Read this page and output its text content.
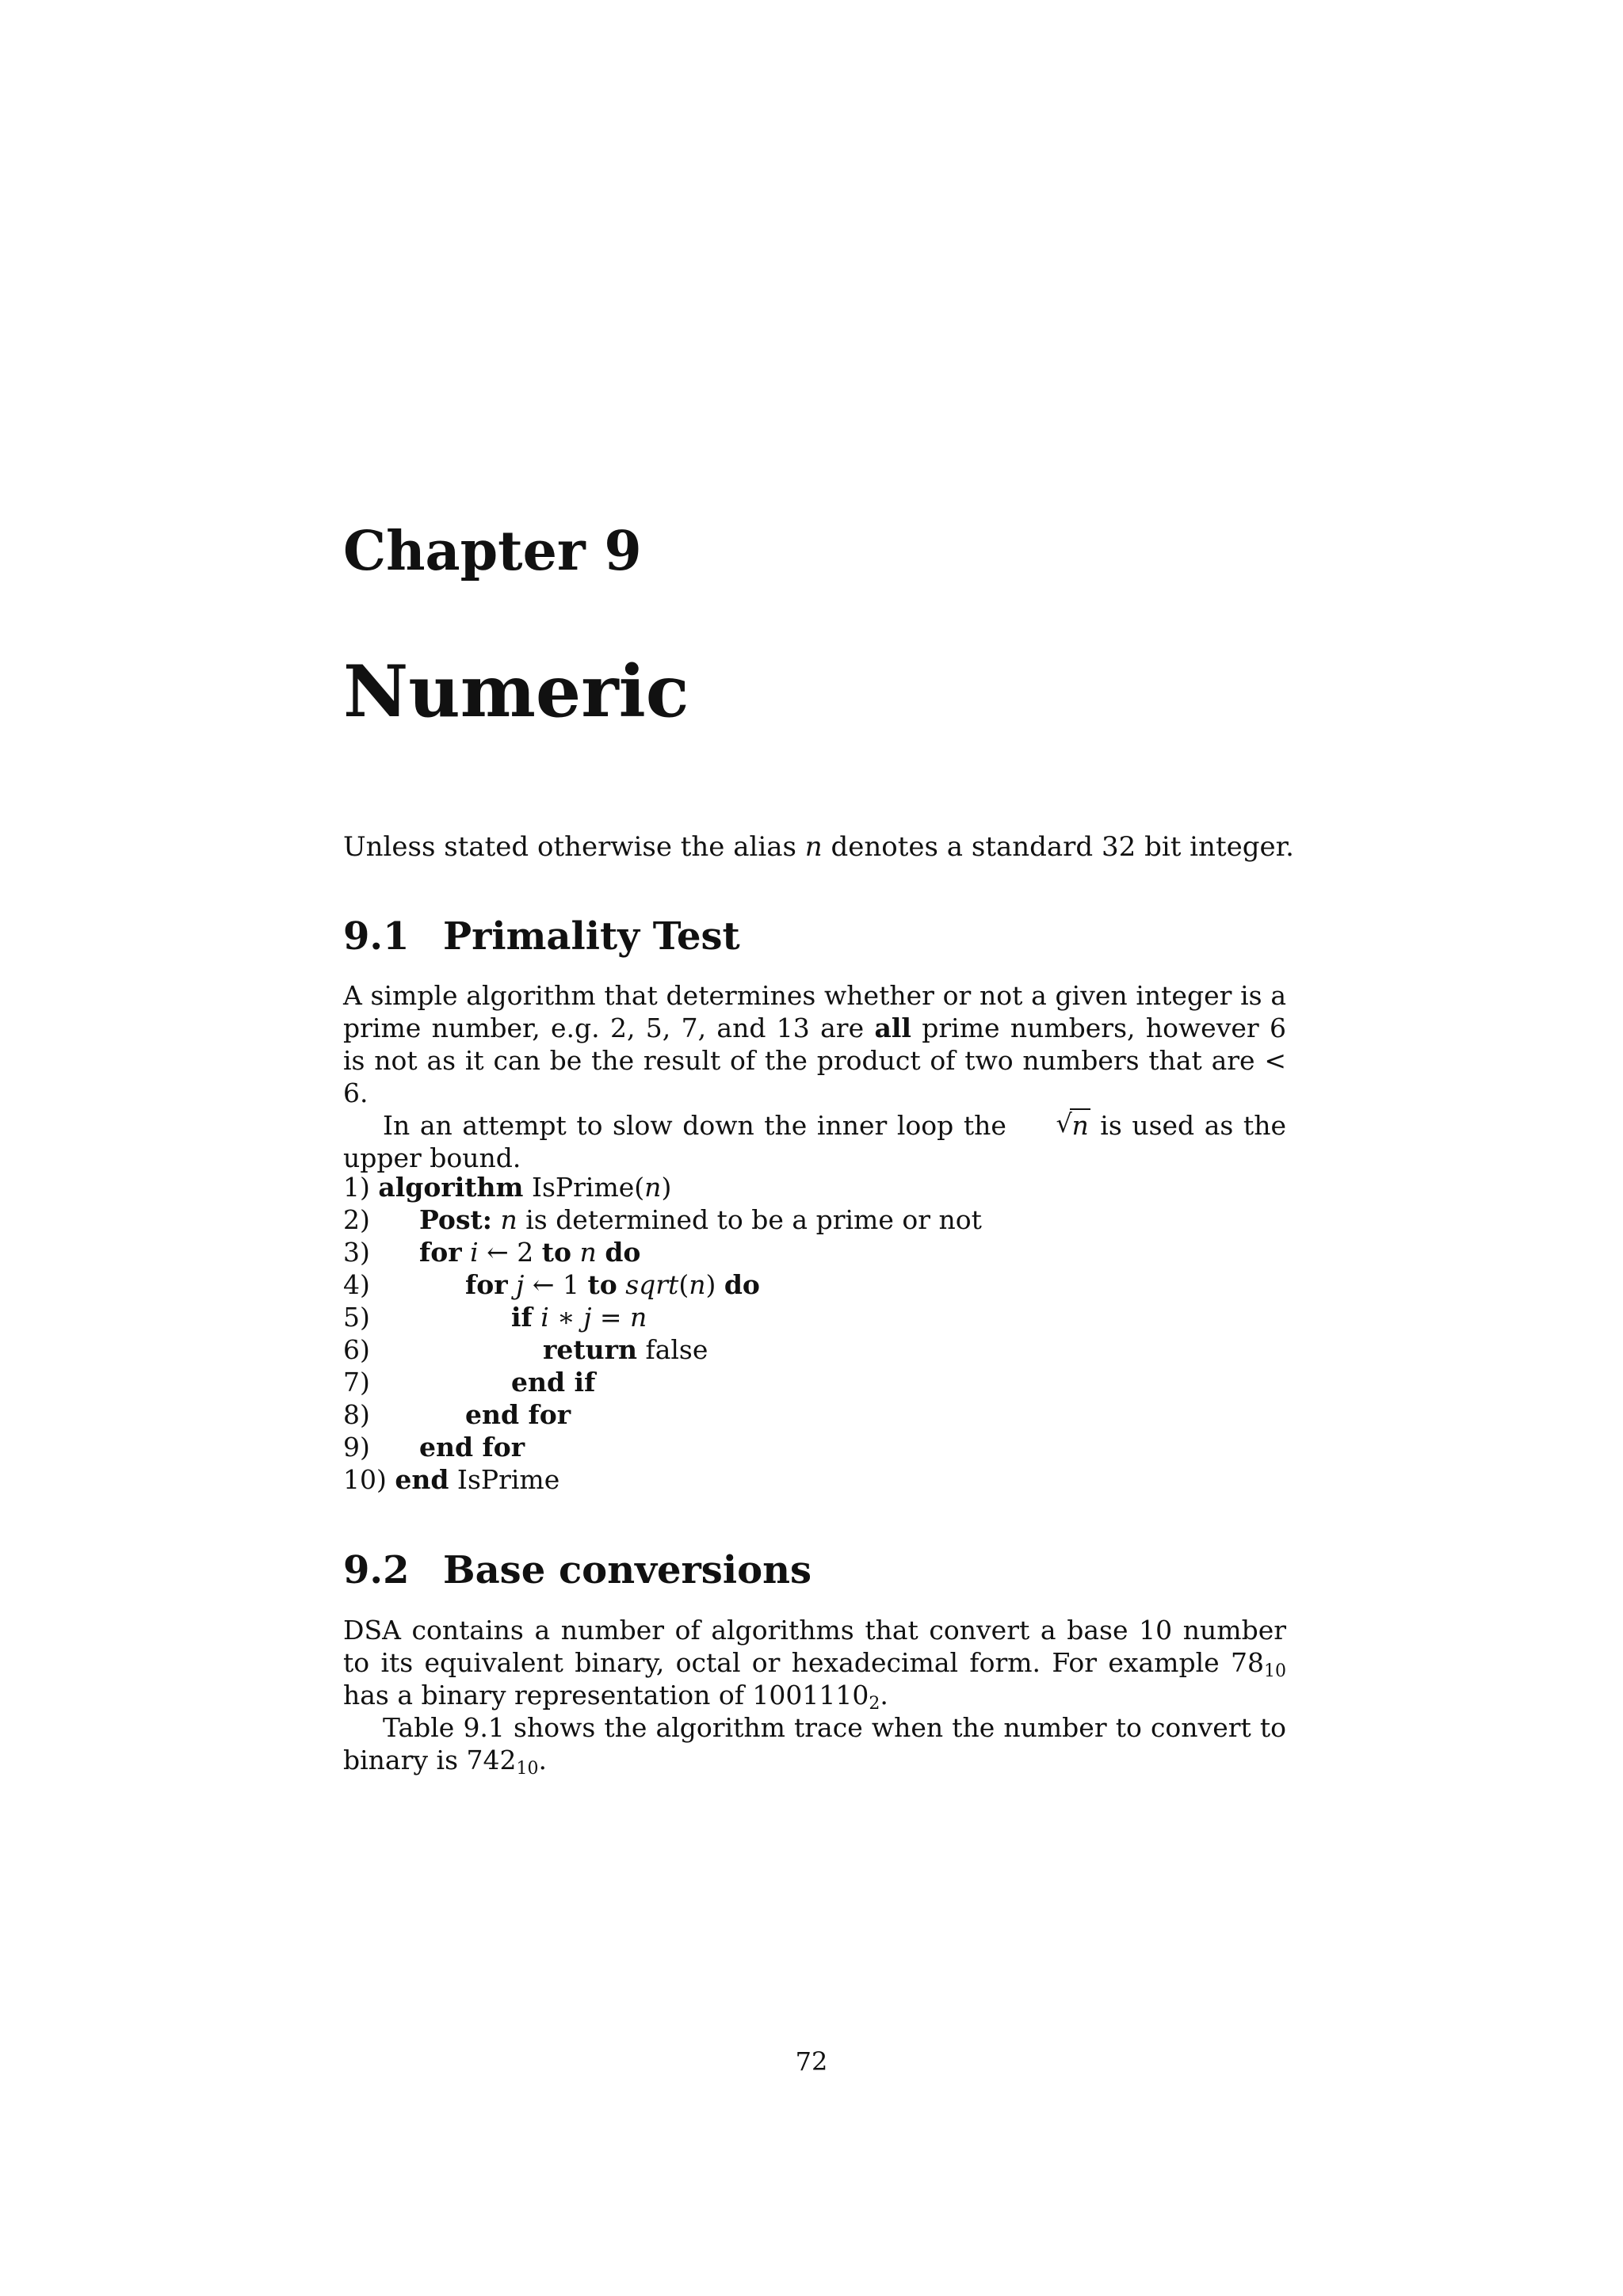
Chapter 9
Numeric
Unless stated otherwise the alias n denotes a standard 32 bit integer.
9.1 Primality Test

A simple algorithm that determines whether or not a given integer is a prime number, e.g. 2, 5, 7, and 13 are all prime numbers, however 6 is not as it can be the result of the product of two numbers that are < 6.

In an attempt to slow down the inner loop the	√ n is used as the upper bound.

1) algorithm IsPrime(n)
2) Post: n is determined to be a prime or not
3) for i ← 2 to n do
4)	for j ← 1 to sqrt(n) do
5)	if i ∗ j = n
6)	return false
7)	end if
8)	end for
9) end for
10) end IsPrime
9.2 Base conversions

DSA contains a number of algorithms that convert a base 10 number to its equivalent binary, octal or hexadecimal form. For example $78_{10}$ has a binary representation of $1001110_2$.

Table 9.1 shows the algorithm trace when the number to convert to binary is $742_{10}$.

72
